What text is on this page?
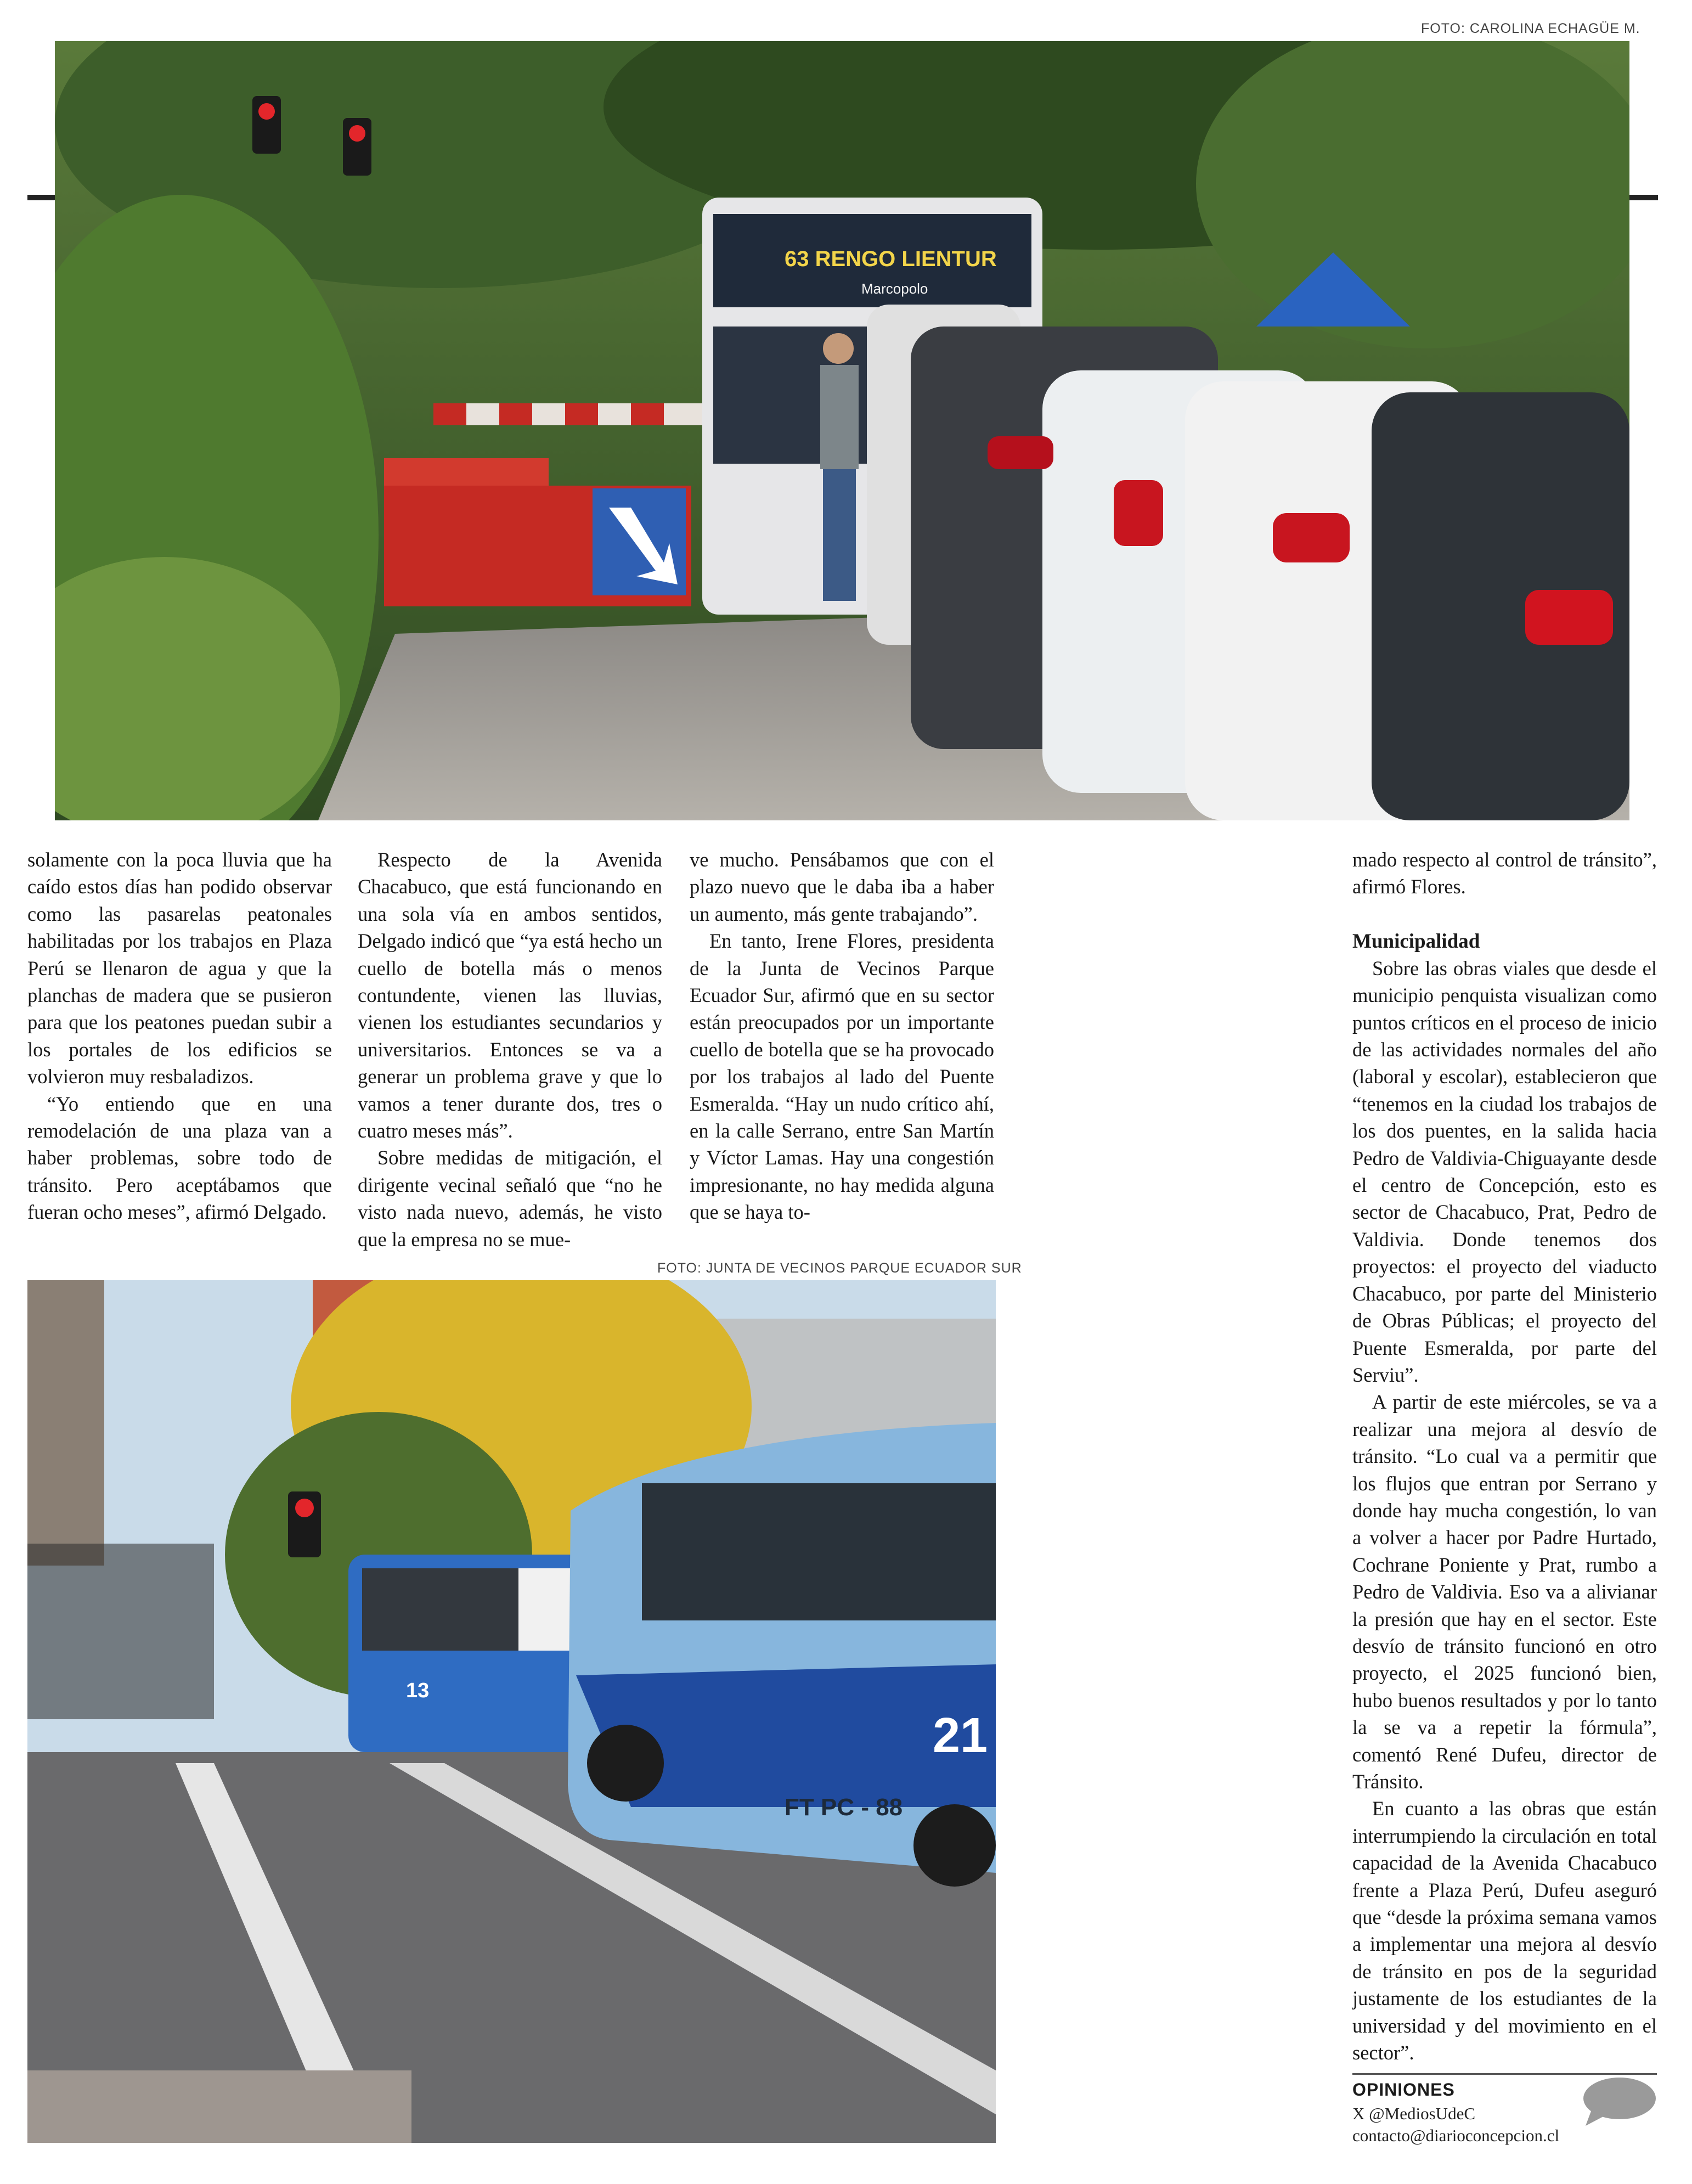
FOTO: CAROLINA ECHAGÜE M.
63 RENGO LIENTUR
Marcopolo
FOTO: JUNTA DE VECINOS PARQUE ECUADOR SUR
13
21
FT PC - 88

solamente con la poca lluvia que ha caído estos días han podido observar como las pasarelas peatonales habilitadas por los trabajos en Plaza Perú se llenaron de agua y que la planchas de madera que se pusieron para que los peatones puedan subir a los portales de los edificios se volvieron muy resbaladizos.

“Yo entiendo que en una remodelación de una plaza van a haber problemas, sobre todo de tránsito. Pero aceptábamos que fueran ocho meses”, afirmó Delgado.

Respecto de la Avenida Chacabuco, que está funcionando en una sola vía en ambos sentidos, Delgado indicó que “ya está hecho un cuello de botella más o menos contundente, vienen las lluvias, vienen los estudiantes secundarios y universitarios. Entonces se va a generar un problema grave y que lo vamos a tener durante dos, tres o cuatro meses más”.

Sobre medidas de mitigación, el dirigente vecinal señaló que “no he visto nada nuevo, además, he visto que la empresa no se mue-

ve mucho. Pensábamos que con el plazo nuevo que le daba iba a haber un aumento, más gente trabajando”.

En tanto, Irene Flores, presidenta de la Junta de Vecinos Parque Ecuador Sur, afirmó que en su sector están preocupados por un importante cuello de botella que se ha provocado por los trabajos al lado del Puente Esmeralda. “Hay un nudo crítico ahí, en la calle Serrano, entre San Martín y Víctor Lamas. Hay una congestión impresionante, no hay medida alguna que se haya to-

mado respecto al control de tránsito”, afirmó Flores.

Municipalidad

Sobre las obras viales que desde el municipio penquista visualizan como puntos críticos en el proceso de inicio de las actividades normales del año (laboral y escolar), establecieron que “tenemos en la ciudad los trabajos de los dos puentes, en la salida hacia Pedro de Valdivia-Chiguayante desde el centro de Concepción, esto es sector de Chacabuco, Prat, Pedro de Valdivia. Donde tenemos dos proyectos: el proyecto del viaducto Chacabuco, por parte del Ministerio de Obras Públicas; el proyecto del Puente Esmeralda, por parte del Serviu”.

A partir de este miércoles, se va a realizar una mejora al desvío de tránsito. “Lo cual va a permitir que los flujos que entran por Serrano y donde hay mucha congestión, lo van a volver a hacer por Padre Hurtado, Cochrane Poniente y Prat, rumbo a Pedro de Valdivia. Eso va a alivianar la presión que hay en el sector. Este desvío de tránsito funcionó en otro proyecto, el 2025 funcionó bien, hubo buenos resultados y por lo tanto la se va a repetir la fórmula”, comentó René Dufeu, director de Tránsito.

En cuanto a las obras que están interrumpiendo la circulación en total capacidad de la Avenida Chacabuco frente a Plaza Perú, Dufeu aseguró que “desde la próxima semana vamos a implementar una mejora al desvío de tránsito en pos de la seguridad justamente de los estudiantes de la universidad y del movimiento en el sector”.

OPINIONES
X @MediosUdeC
contacto@diarioconcepcion.cl
